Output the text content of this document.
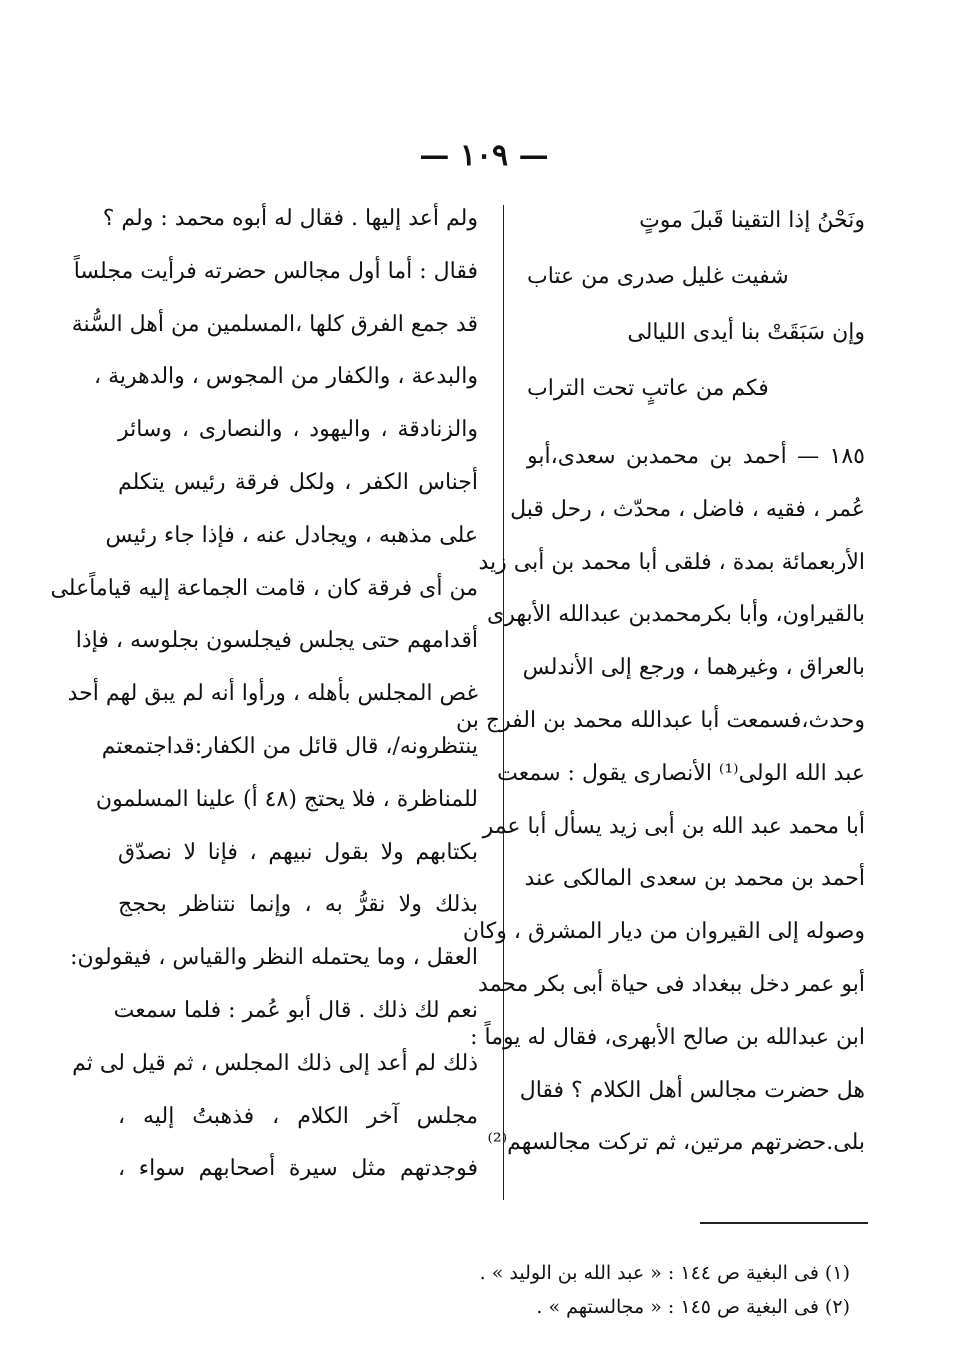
— ١٠٩ —
ونَحْنُ إذا التقينا قَبلَ موتٍ
شفيت غليل صدرى من عتاب
وإن سَبَقَتْ بنا أيدى الليالى
فكم من عاتبٍ تحت التراب
١٨٥ — أحمد بن محمدبن سعدى،أبو
عُمر ، فقيه ، فاضل ، محدّث ، رحل قبل
الأربعمائة بمدة ، فلقى أبا محمد بن أبى زيد
بالقيراون، وأبا بكرمحمدبن عبدالله الأبهرى
بالعراق ، وغيرهما ، ورجع إلى الأندلس
وحدث،فسمعت أبا عبدالله محمد بن الفرج بن
عبد الله الولى⁽¹⁾ الأنصارى يقول : سمعت
أبا محمد عبد الله بن أبى زيد يسأل أبا عمر
أحمد بن محمد بن سعدى المالكى عند
وصوله إلى القيروان من ديار المشرق ، وكان
أبو عمر دخل ببغداد فى حياة أبى بكر محمد
ابن عبدالله بن صالح الأبهرى، فقال له يوماً :
هل حضرت مجالس أهل الكلام ؟ فقال
بلى.حضرتهم مرتين، ثم تركت مجالسهم⁽²⁾
ولم أعد إليها . فقال له أبوه محمد : ولم ؟
فقال : أما أول مجالس حضرته فرأيت مجلساً
قد جمع الفرق كلها ،المسلمين من أهل السُّنة
والبدعة ، والكفار من المجوس ، والدهرية ،
والزنادقة ، واليهود ، والنصارى ، وسائر
أجناس الكفر ، ولكل فرقة رئيس يتكلم
على مذهبه ، ويجادل عنه ، فإذا جاء رئيس
من أى فرقة كان ، قامت الجماعة إليه قياماًعلى
أقدامهم حتى يجلس فيجلسون بجلوسه ، فإذا
غص المجلس بأهله ، ورأوا أنه لم يبق لهم أحد
ينتظرونه/، قال قائل من الكفار:قداجتمعتم
للمناظرة ، فلا يحتج (٤٨ أ) علينا المسلمون
بكتابهم ولا بقول نبيهم ، فإنا لا نصدّق
بذلك ولا نقرُّ به ، وإنما نتناظر بحجج
العقل ، وما يحتمله النظر والقياس ، فيقولون:
نعم لك ذلك . قال أبو عُمر : فلما سمعت
ذلك لم أعد إلى ذلك المجلس ، ثم قيل لى ثم
مجلس آخر الكلام ، فذهبتُ إليه ،
فوجدتهم مثل سيرة أصحابهم سواء ،
(١) فى البغية ص ١٤٤ : « عبد الله بن الوليد » .
(٢) فى البغية ص ١٤٥ : « مجالستهم » .
